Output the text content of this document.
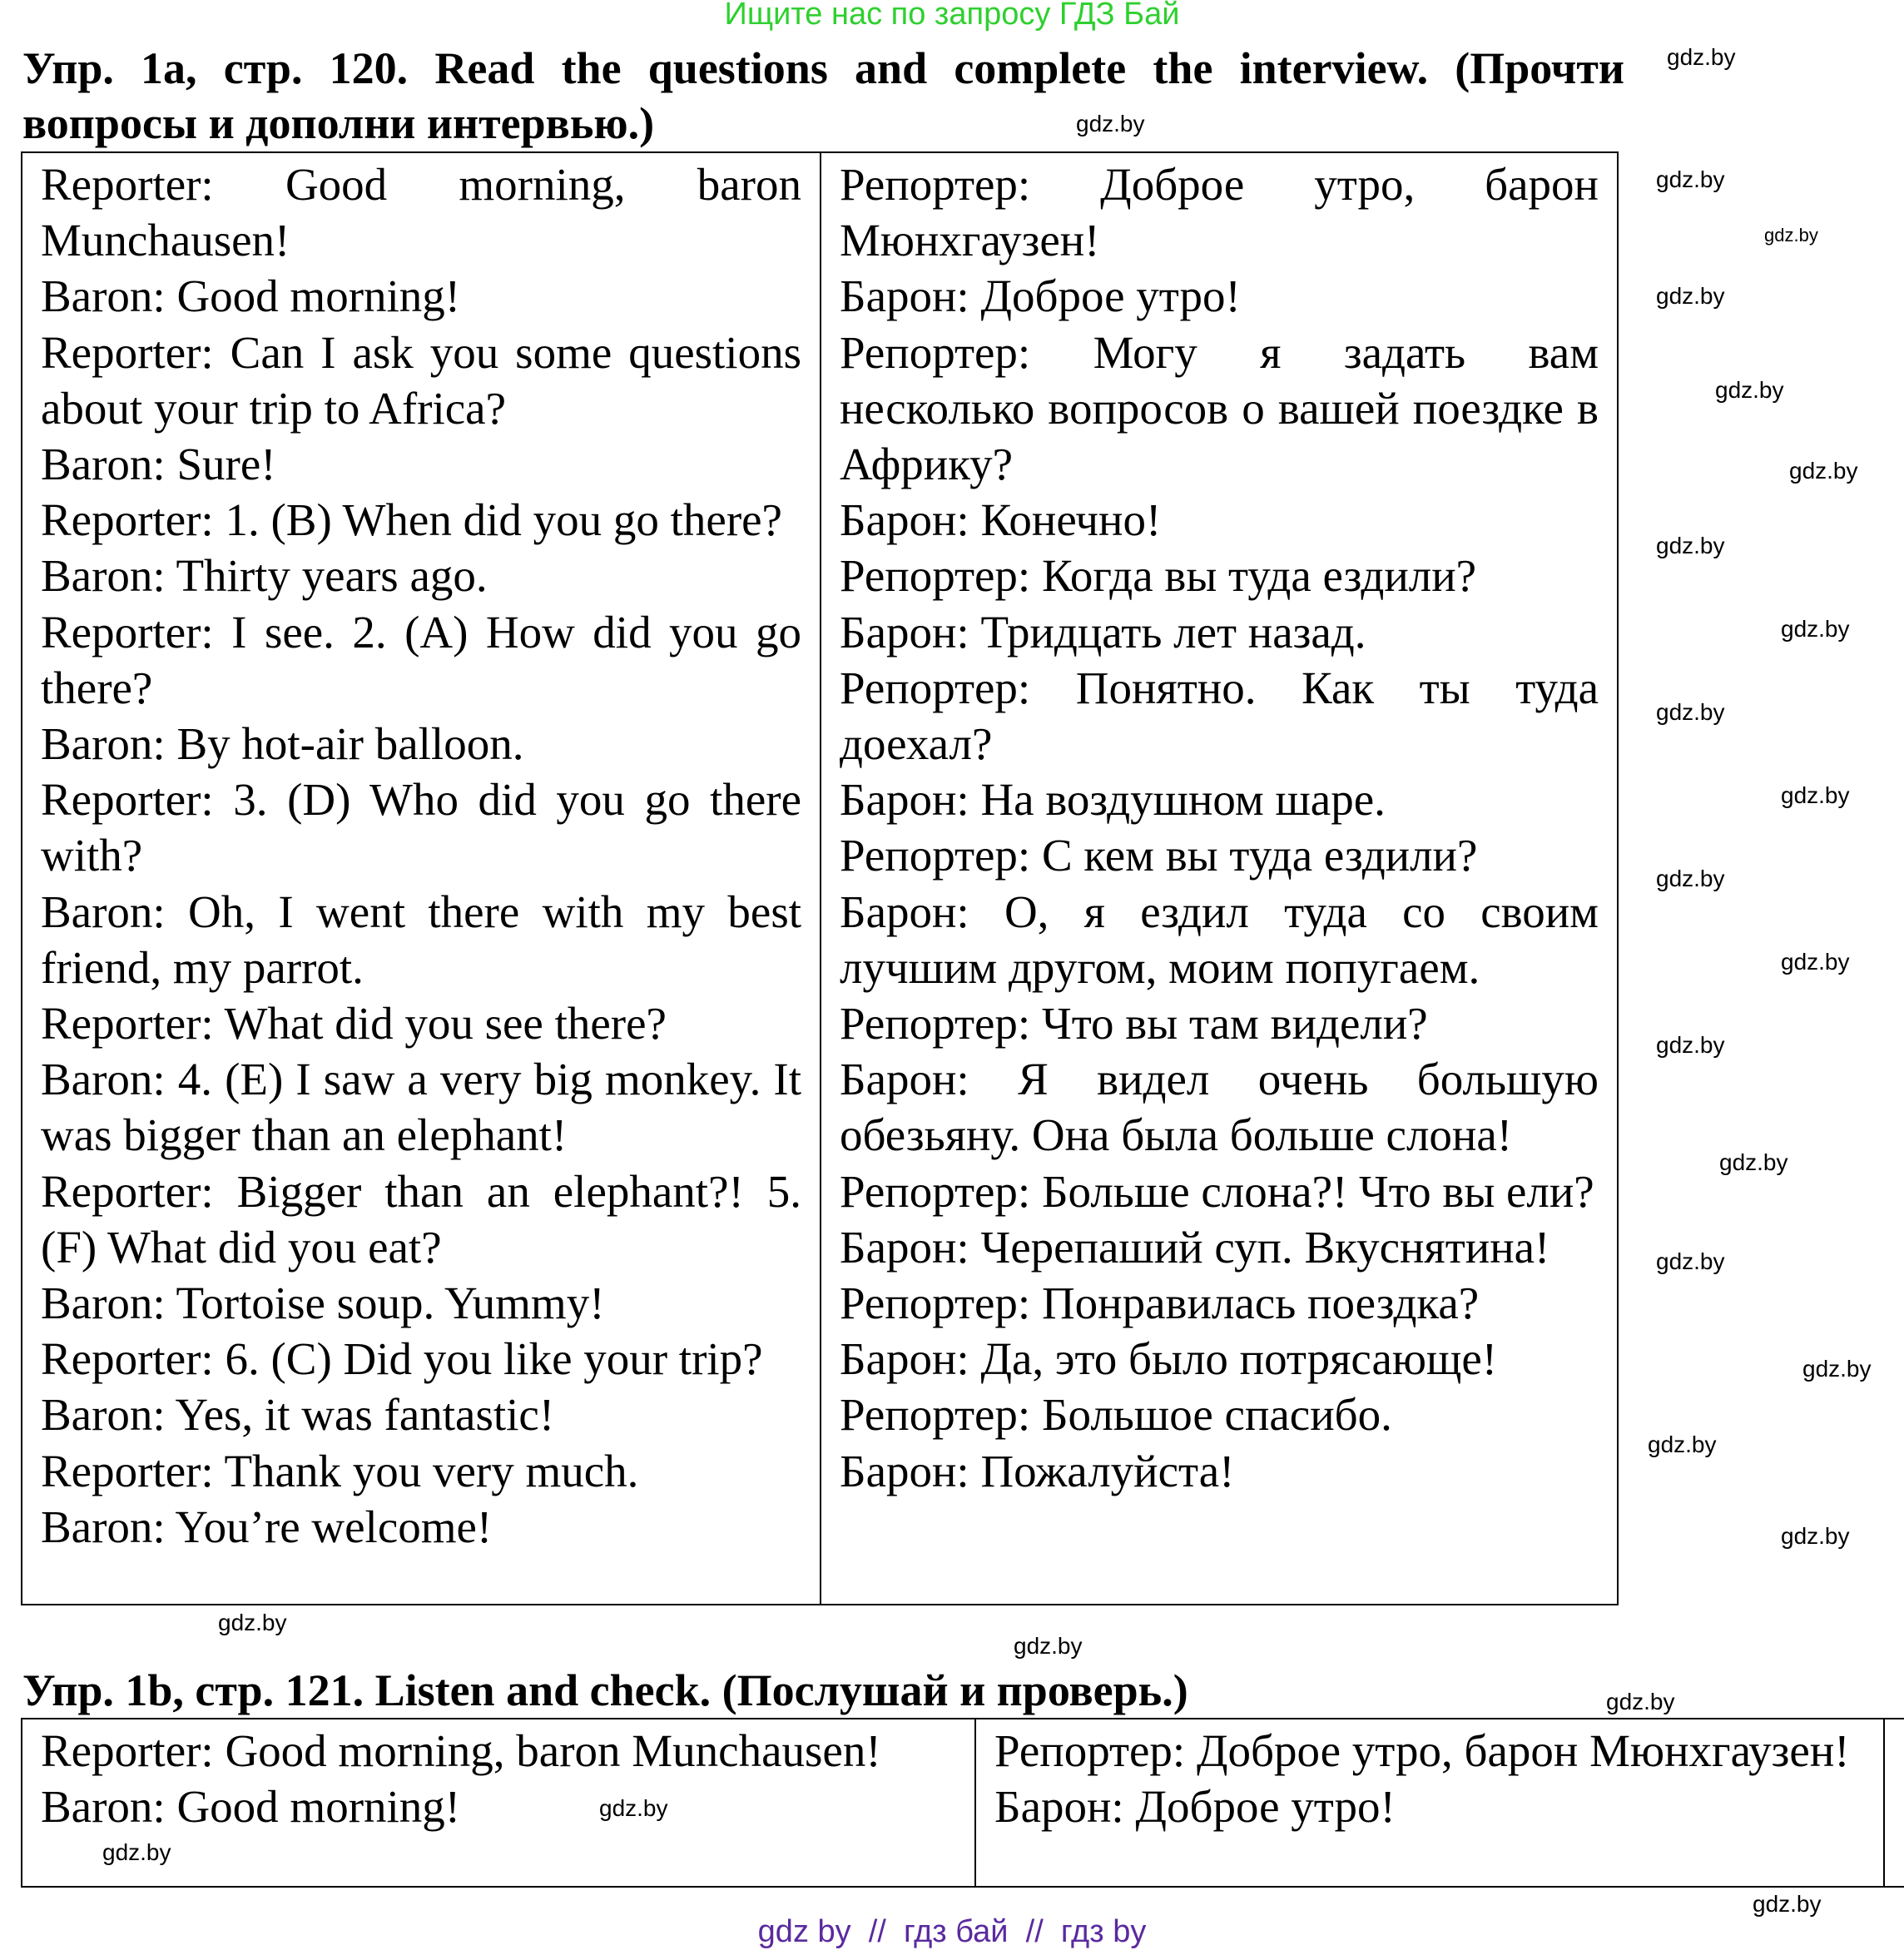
Ищите нас по запросу ГДЗ Бай
Упр. 1a, стр. 120. Read the questions and complete the interview. (Прочти вопросы и дополни интервью.)
Reporter: Good morning, baron Munchausen!
Baron: Good morning!
Reporter: Can I ask you some questions about your trip to Africa?
Baron: Sure!
Reporter: 1. (B) When did you go there?
Baron: Thirty years ago.
Reporter: I see. 2. (A) How did you go there?
Baron: By hot-air balloon.
Reporter: 3. (D) Who did you go there with?
Baron: Oh, I went there with my best friend, my parrot.
Reporter: What did you see there?
Baron: 4. (E) I saw a very big monkey. It was bigger than an elephant!
Reporter: Bigger than an elephant?! 5. (F) What did you eat?
Baron: Tortoise soup. Yummy!
Reporter: 6. (C) Did you like your trip?
Baron: Yes, it was fantastic!
Reporter: Thank you very much.
Baron: You’re welcome!

Репортер: Доброе утро, барон Мюнхгаузен!
Барон: Доброе утро!
Репортер: Могу я задать вам несколько вопросов о вашей поездке в Африку?
Барон: Конечно!
Репортер: Когда вы туда ездили?
Барон: Тридцать лет назад.
Репортер: Понятно. Как ты туда доехал?
Барон: На воздушном шаре.
Репортер: С кем вы туда ездили?
Барон: О, я ездил туда со своим лучшим другом, моим попугаем.
Репортер: Что вы там видели?
Барон: Я видел очень большую обезьяну. Она была больше слона!
Репортер: Больше слона?! Что вы ели?
Барон: Черепаший суп. Вкуснятина!
Репортер: Понравилась поездка?
Барон: Да, это было потрясающе!
Репортер: Большое спасибо.
Барон: Пожалуйста!
Упр. 1b, стр. 121. Listen and check. (Послушай и проверь.)
Reporter: Good morning, baron Munchausen!
Baron: Good morning!

Репортер: Доброе утро, барон Мюнхгаузен!
Барон: Доброе утро!
gdz.by
gdz.by
gdz.by
gdz.by
gdz.by
gdz.by
gdz.by
gdz.by
gdz.by
gdz.by
gdz.by
gdz.by
gdz.by
gdz.by
gdz.by
gdz.by
gdz.by
gdz.by
gdz.by
gdz.by
gdz.by
gdz.by
gdz.by
gdz.by
gdz.by
gdz by  //  гдз бай  //  гдз by
